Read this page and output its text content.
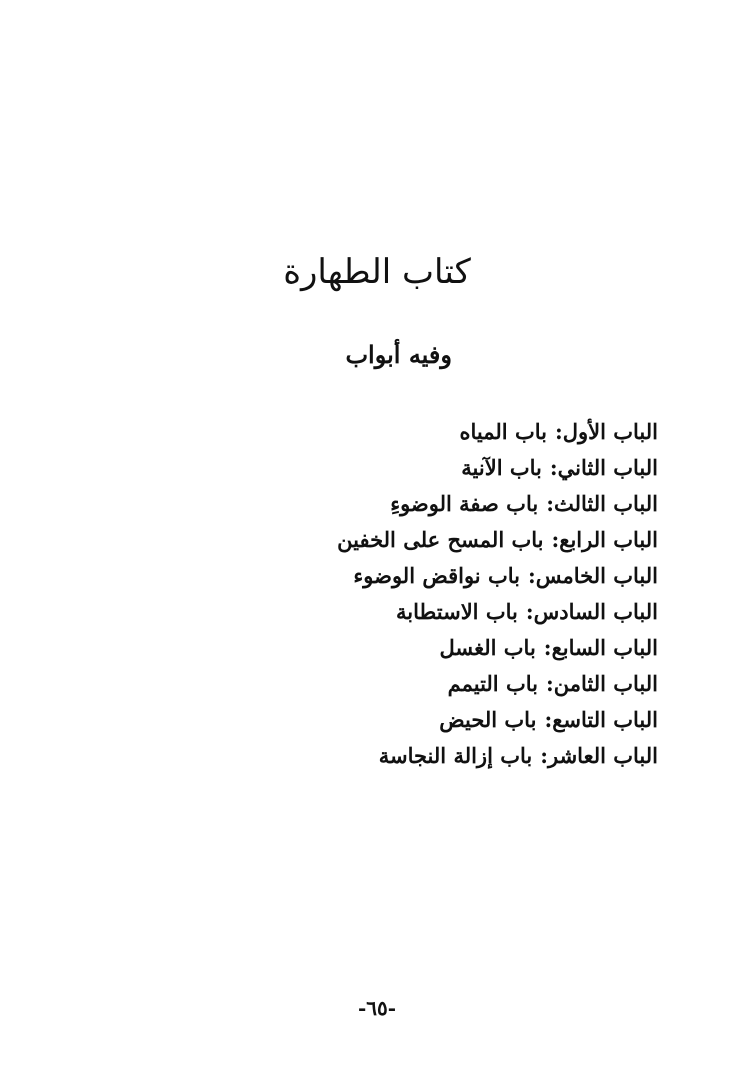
كتاب الطهارة
وفيه أبواب
الباب الأول:باب المياه
الباب الثاني:باب الآنية
الباب الثالث:باب صفة الوضوءِ
الباب الرابع:باب المسح على الخفين
الباب الخامس:باب نواقض الوضوء
الباب السادس:باب الاستطابة
الباب السابع:باب الغسل
الباب الثامن:باب التيمم
الباب التاسع:باب الحيض
الباب العاشر:باب إزالة النجاسة
-٦٥-
